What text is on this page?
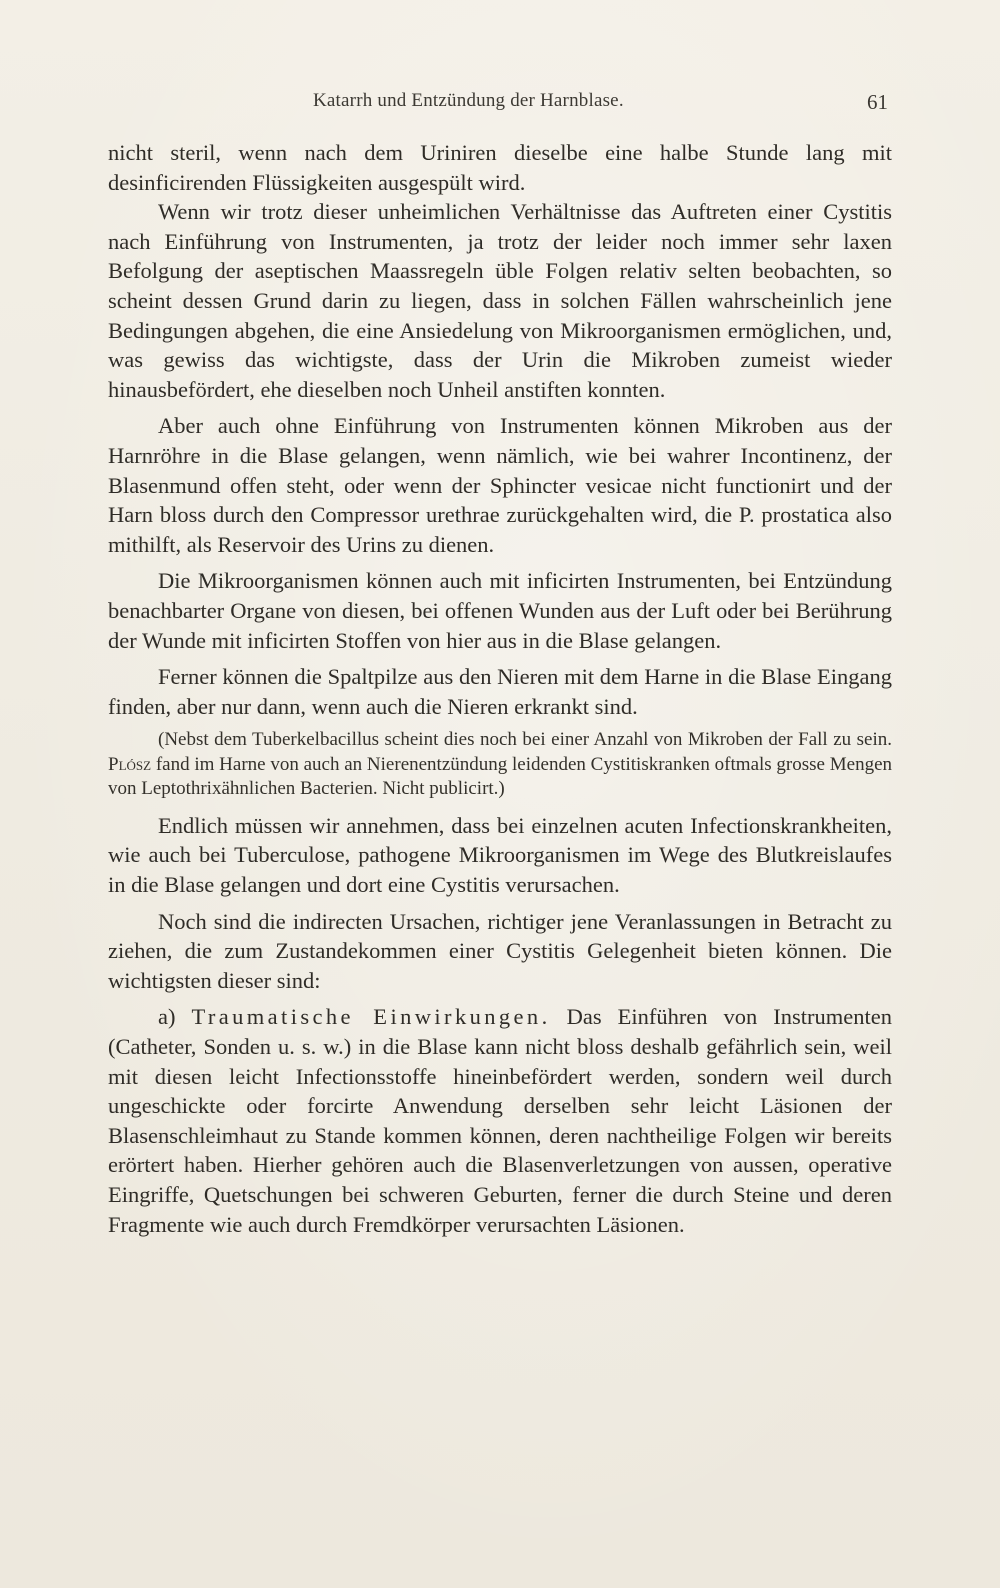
Katarrh und Entzündung der Harnblase.	61

nicht steril, wenn nach dem Uriniren dieselbe eine halbe Stunde lang mit desinficirenden Flüssigkeiten ausgespült wird.

Wenn wir trotz dieser unheimlichen Verhältnisse das Auftreten einer Cystitis nach Einführung von Instrumenten, ja trotz der leider noch immer sehr laxen Befolgung der aseptischen Maassregeln üble Folgen relativ selten beobachten, so scheint dessen Grund darin zu liegen, dass in solchen Fällen wahrscheinlich jene Bedingungen abgehen, die eine Ansiedelung von Mikroorganismen ermöglichen, und, was gewiss das wichtigste, dass der Urin die Mikroben zumeist wieder hinausbefördert, ehe dieselben noch Unheil anstiften konnten.

Aber auch ohne Einführung von Instrumenten können Mikroben aus der Harnröhre in die Blase gelangen, wenn nämlich, wie bei wahrer Incontinenz, der Blasenmund offen steht, oder wenn der Sphincter vesicae nicht functionirt und der Harn bloss durch den Compressor urethrae zurückgehalten wird, die P. prostatica also mithilft, als Reservoir des Urins zu dienen.

Die Mikroorganismen können auch mit inficirten Instrumenten, bei Entzündung benachbarter Organe von diesen, bei offenen Wunden aus der Luft oder bei Berührung der Wunde mit inficirten Stoffen von hier aus in die Blase gelangen.

Ferner können die Spaltpilze aus den Nieren mit dem Harne in die Blase Eingang finden, aber nur dann, wenn auch die Nieren erkrankt sind.

(Nebst dem Tuberkelbacillus scheint dies noch bei einer Anzahl von Mikroben der Fall zu sein. Plósz fand im Harne von auch an Nierenentzündung leidenden Cystitiskranken oftmals grosse Mengen von Leptothrixähnlichen Bacterien. Nicht publicirt.)

Endlich müssen wir annehmen, dass bei einzelnen acuten Infectionskrankheiten, wie auch bei Tuberculose, pathogene Mikroorganismen im Wege des Blutkreislaufes in die Blase gelangen und dort eine Cystitis verursachen.

Noch sind die indirecten Ursachen, richtiger jene Veranlassungen in Betracht zu ziehen, die zum Zustandekommen einer Cystitis Gelegenheit bieten können. Die wichtigsten dieser sind:

a) Traumatische Einwirkungen. Das Einführen von Instrumenten (Catheter, Sonden u. s. w.) in die Blase kann nicht bloss deshalb gefährlich sein, weil mit diesen leicht Infectionsstoffe hineinbefördert werden, sondern weil durch ungeschickte oder forcirte Anwendung derselben sehr leicht Läsionen der Blasenschleimhaut zu Stande kommen können, deren nachtheilige Folgen wir bereits erörtert haben. Hierher gehören auch die Blasenverletzungen von aussen, operative Eingriffe, Quetschungen bei schweren Geburten, ferner die durch Steine und deren Fragmente wie auch durch Fremdkörper verursachten Läsionen.
